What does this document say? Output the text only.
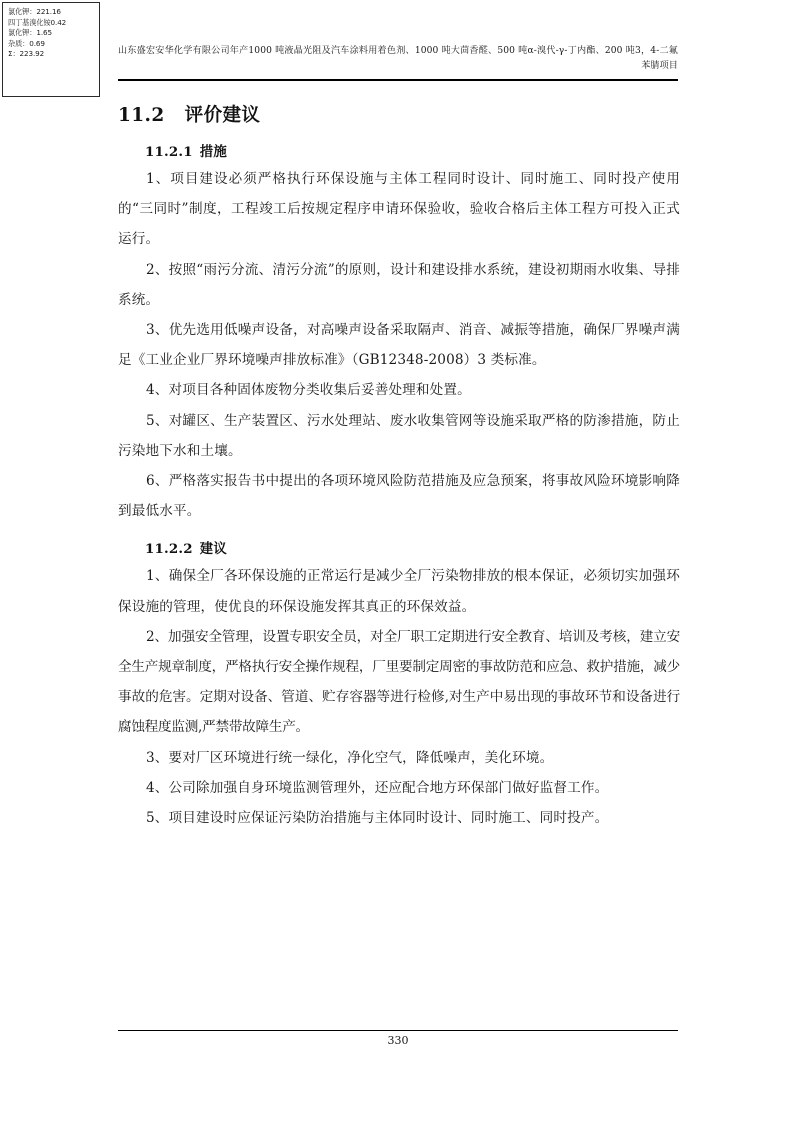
氯化钾：221.16
四丁基溴化铵0.42
氯化钾：1.65
杂质：0.69
Σ：223.92	山东盛宏安华化学有限公司年产1000 吨液晶光阻及汽车涂料用着色剂、1000 吨大茴香醛、500 吨α-溴代-γ-丁内酯、200 吨3，4-二氟苯腈项目
11.2 评价建议
11.2.1 措施

1、项目建设必须严格执行环保设施与主体工程同时设计、同时施工、同时投产使用的“三同时”制度，工程竣工后按规定程序申请环保验收，验收合格后主体工程方可投入正式运行。

2、按照“雨污分流、清污分流”的原则，设计和建设排水系统，建设初期雨水收集、导排系统。

3、优先选用低噪声设备，对高噪声设备采取隔声、消音、减振等措施，确保厂界噪声满足《工业企业厂界环境噪声排放标准》（GB12348-2008）3 类标准。

4、对项目各种固体废物分类收集后妥善处理和处置。

5、对罐区、生产装置区、污水处理站、废水收集管网等设施采取严格的防渗措施，防止污染地下水和土壤。

6、严格落实报告书中提出的各项环境风险防范措施及应急预案，将事故风险环境影响降到最低水平。

11.2.2 建议

1、确保全厂各环保设施的正常运行是减少全厂污染物排放的根本保证，必须切实加强环保设施的管理，使优良的环保设施发挥其真正的环保效益。

2、加强安全管理，设置专职安全员，对全厂职工定期进行安全教育、培训及考核，建立安全生产规章制度，严格执行安全操作规程，厂里要制定周密的事故防范和应急、救护措施，减少事故的危害。定期对设备、管道、贮存容器等进行检修,对生产中易出现的事故环节和设备进行腐蚀程度监测,严禁带故障生产。

3、要对厂区环境进行统一绿化，净化空气，降低噪声，美化环境。

4、公司除加强自身环境监测管理外，还应配合地方环保部门做好监督工作。

5、项目建设时应保证污染防治措施与主体同时设计、同时施工、同时投产。

330
